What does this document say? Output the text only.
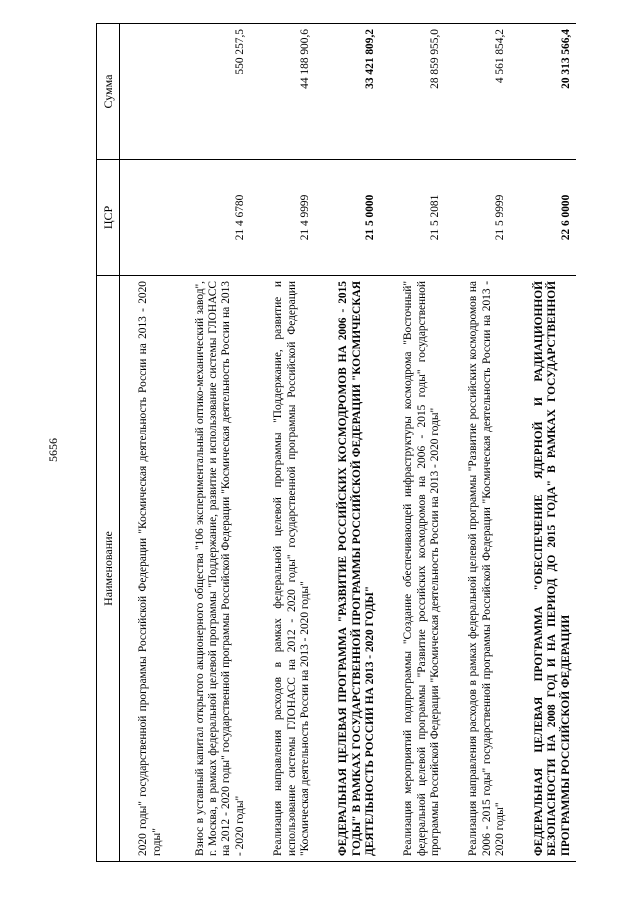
5656
Наименование	ЦСР	Сумма
2020 годы" государственной программы Российской Федерации "Космическая деятельность России на 2013 - 2020 годы"		
Взнос в уставный капитал открытого акционерного общества "106 экспериментальный оптико-механический завод", г. Москва, в рамках федеральной целевой программы "Поддержание, развитие и использование системы ГЛОНАСС на 2012 - 2020 годы" государственной программы Российской Федерации "Космическая деятельность России на 2013 - 2020 годы"	21 4 6780	550 257,5
Реализация направления расходов в рамках федеральной целевой программы "Поддержание, развитие и использование системы ГЛОНАСС на 2012 - 2020 годы" государственной программы Российской Федерации "Космическая деятельность России на 2013 - 2020 годы"	21 4 9999	44 188 900,6
ФЕДЕРАЛЬНАЯ ЦЕЛЕВАЯ ПРОГРАММА "РАЗВИТИЕ РОССИЙСКИХ КОСМОДРОМОВ НА 2006 - 2015 ГОДЫ" В РАМКАХ ГОСУДАРСТВЕННОЙ ПРОГРАММЫ РОССИЙСКОЙ ФЕДЕРАЦИИ "КОСМИЧЕСКАЯ ДЕЯТЕЛЬНОСТЬ РОССИИ НА 2013 - 2020 ГОДЫ"	21 5 0000	33 421 809,2
Реализация мероприятий подпрограммы "Создание обеспечивающей инфраструктуры космодрома "Восточный" федеральной целевой программы "Развитие российских космодромов на 2006 - 2015 годы" государственной программы Российской Федерации "Космическая деятельность России на 2013 - 2020 годы"	21 5 2081	28 859 955,0
Реализация направления расходов в рамках федеральной целевой программы "Развитие российских космодромов на 2006 - 2015 годы" государственной программы Российской Федерации "Космическая деятельность России на 2013 - 2020 годы"	21 5 9999	4 561 854,2
ФЕДЕРАЛЬНАЯ ЦЕЛЕВАЯ ПРОГРАММА "ОБЕСПЕЧЕНИЕ ЯДЕРНОЙ И РАДИАЦИОННОЙ БЕЗОПАСНОСТИ НА 2008 ГОД И НА ПЕРИОД ДО 2015 ГОДА" В РАМКАХ ГОСУДАРСТВЕННОЙ ПРОГРАММЫ РОССИЙСКОЙ ФЕДЕРАЦИИ	22 6 0000	20 313 566,4
